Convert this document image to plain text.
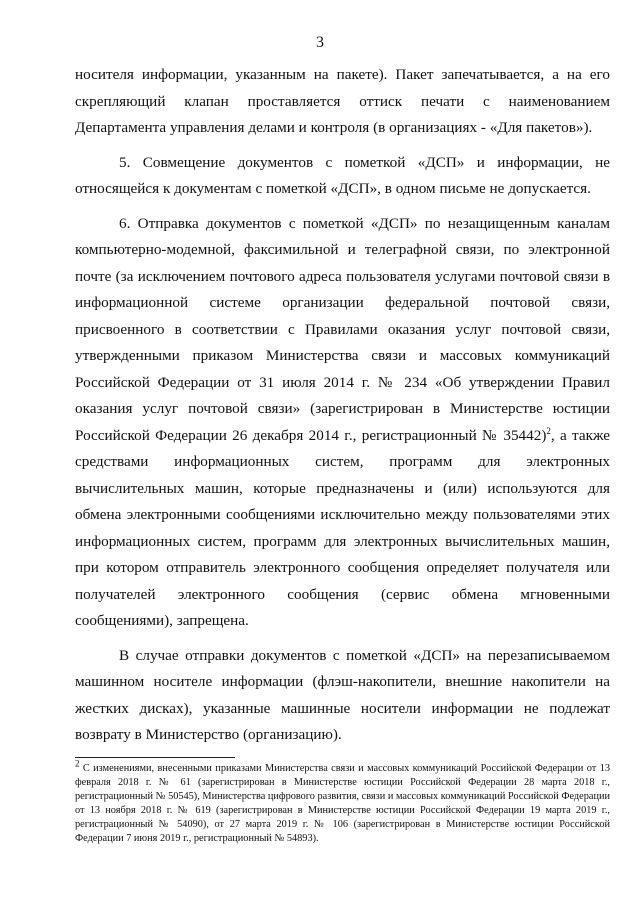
3

носителя информации, указанным на пакете). Пакет запечатывается, а на его скрепляющий клапан проставляется оттиск печати с наименованием Департамента управления делами и контроля (в организациях - «Для пакетов»).

5. Совмещение документов с пометкой «ДСП» и информации, не относящейся к документам с пометкой «ДСП», в одном письме не допускается.

6. Отправка документов с пометкой «ДСП» по незащищенным каналам компьютерно-модемной, факсимильной и телеграфной связи, по электронной почте (за исключением почтового адреса пользователя услугами почтовой связи в информационной системе организации федеральной почтовой связи, присвоенного в соответствии с Правилами оказания услуг почтовой связи, утвержденными приказом Министерства связи и массовых коммуникаций Российской Федерации от 31 июля 2014 г. № 234 «Об утверждении Правил оказания услуг почтовой связи» (зарегистрирован в Министерстве юстиции Российской Федерации 26 декабря 2014 г., регистрационный № 35442)$^2$, а также средствами информационных систем, программ для электронных вычислительных машин, которые предназначены и (или) используются для обмена электронными сообщениями исключительно между пользователями этих информационных систем, программ для электронных вычислительных машин, при котором отправитель электронного сообщения определяет получателя или получателей электронного сообщения (сервис обмена мгновенными сообщениями), запрещена.

В случае отправки документов с пометкой «ДСП» на перезаписываемом машинном носителе информации (флэш-накопители, внешние накопители на жестких дисках), указанные машинные носители информации не подлежат возврату в Министерство (организацию).

$^2$ С изменениями, внесенными приказами Министерства связи и массовых коммуникаций Российской Федерации от 13 февраля 2018 г. № 61 (зарегистрирован в Министерстве юстиции Российской Федерации 28 марта 2018 г., регистрационный № 50545), Министерства цифрового развития, связи и массовых коммуникаций Российской Федерации от 13 ноября 2018 г. № 619 (зарегистрирован в Министерстве юстиции Российской Федерации 19 марта 2019 г., регистрационный № 54090), от 27 марта 2019 г. № 106 (зарегистрирован в Министерстве юстиции Российской Федерации 7 июня 2019 г., регистрационный № 54893).
